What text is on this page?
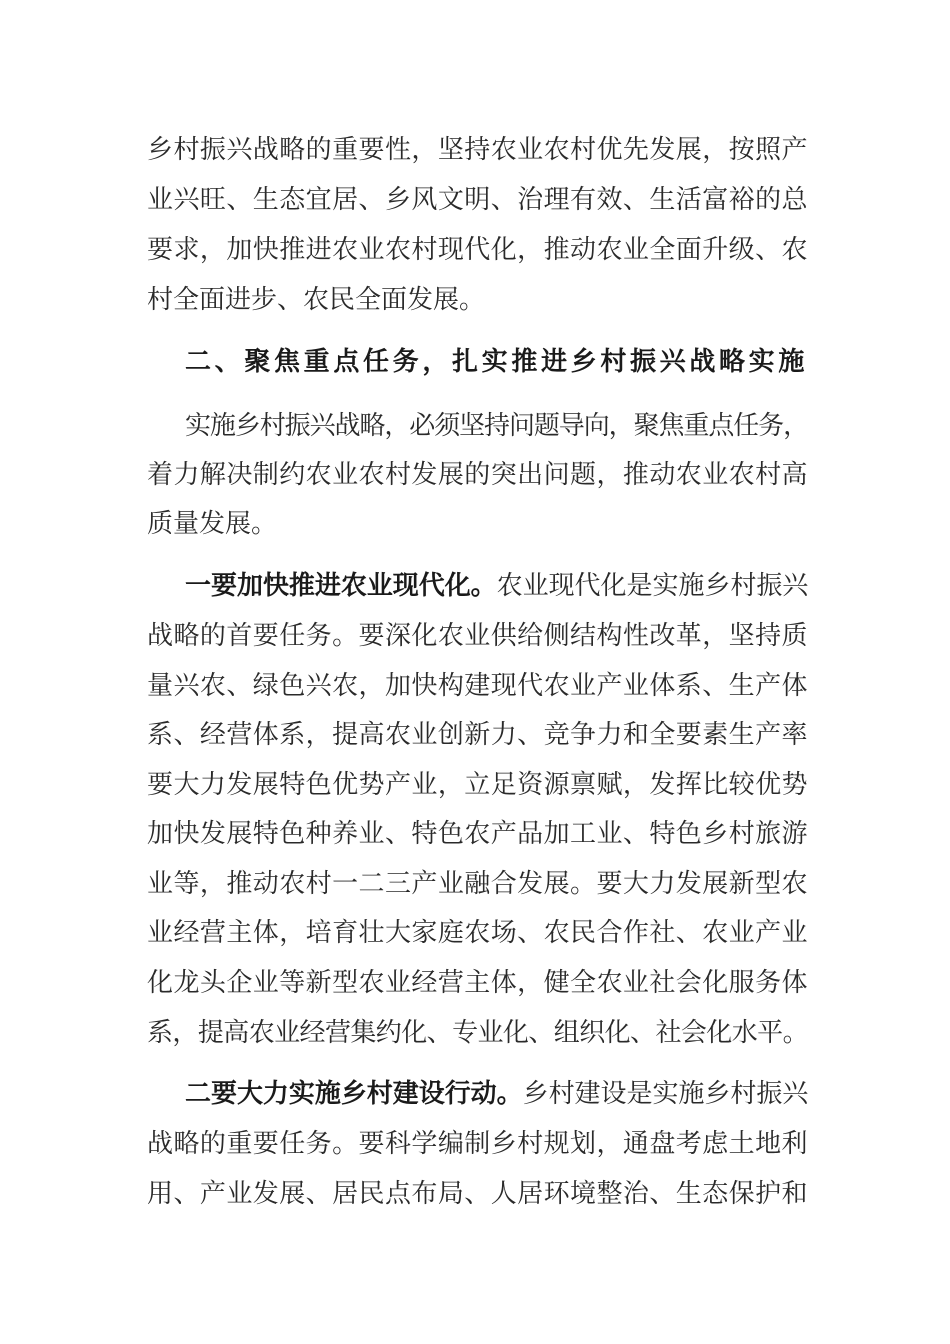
乡村振兴战略的重要性，坚持农业农村优先发展，按照产
业兴旺、生态宜居、乡风文明、治理有效、生活富裕的总
要求，加快推进农业农村现代化，推动农业全面升级、农
村全面进步、农民全面发展。
二、聚焦重点任务，扎实推进乡村振兴战略实施
实施乡村振兴战略，必须坚持问题导向，聚焦重点任务，
着力解决制约农业农村发展的突出问题，推动农业农村高
质量发展。
一要加快推进农业现代化。农业现代化是实施乡村振兴
战略的首要任务。要深化农业供给侧结构性改革，坚持质
量兴农、绿色兴农，加快构建现代农业产业体系、生产体
系、经营体系，提高农业创新力、竞争力和全要素生产率
要大力发展特色优势产业，立足资源禀赋，发挥比较优势
加快发展特色种养业、特色农产品加工业、特色乡村旅游
业等，推动农村一二三产业融合发展。要大力发展新型农
业经营主体，培育壮大家庭农场、农民合作社、农业产业
化龙头企业等新型农业经营主体，健全农业社会化服务体
系，提高农业经营集约化、专业化、组织化、社会化水平。
二要大力实施乡村建设行动。乡村建设是实施乡村振兴
战略的重要任务。要科学编制乡村规划，通盘考虑土地利
用、产业发展、居民点布局、人居环境整治、生态保护和
